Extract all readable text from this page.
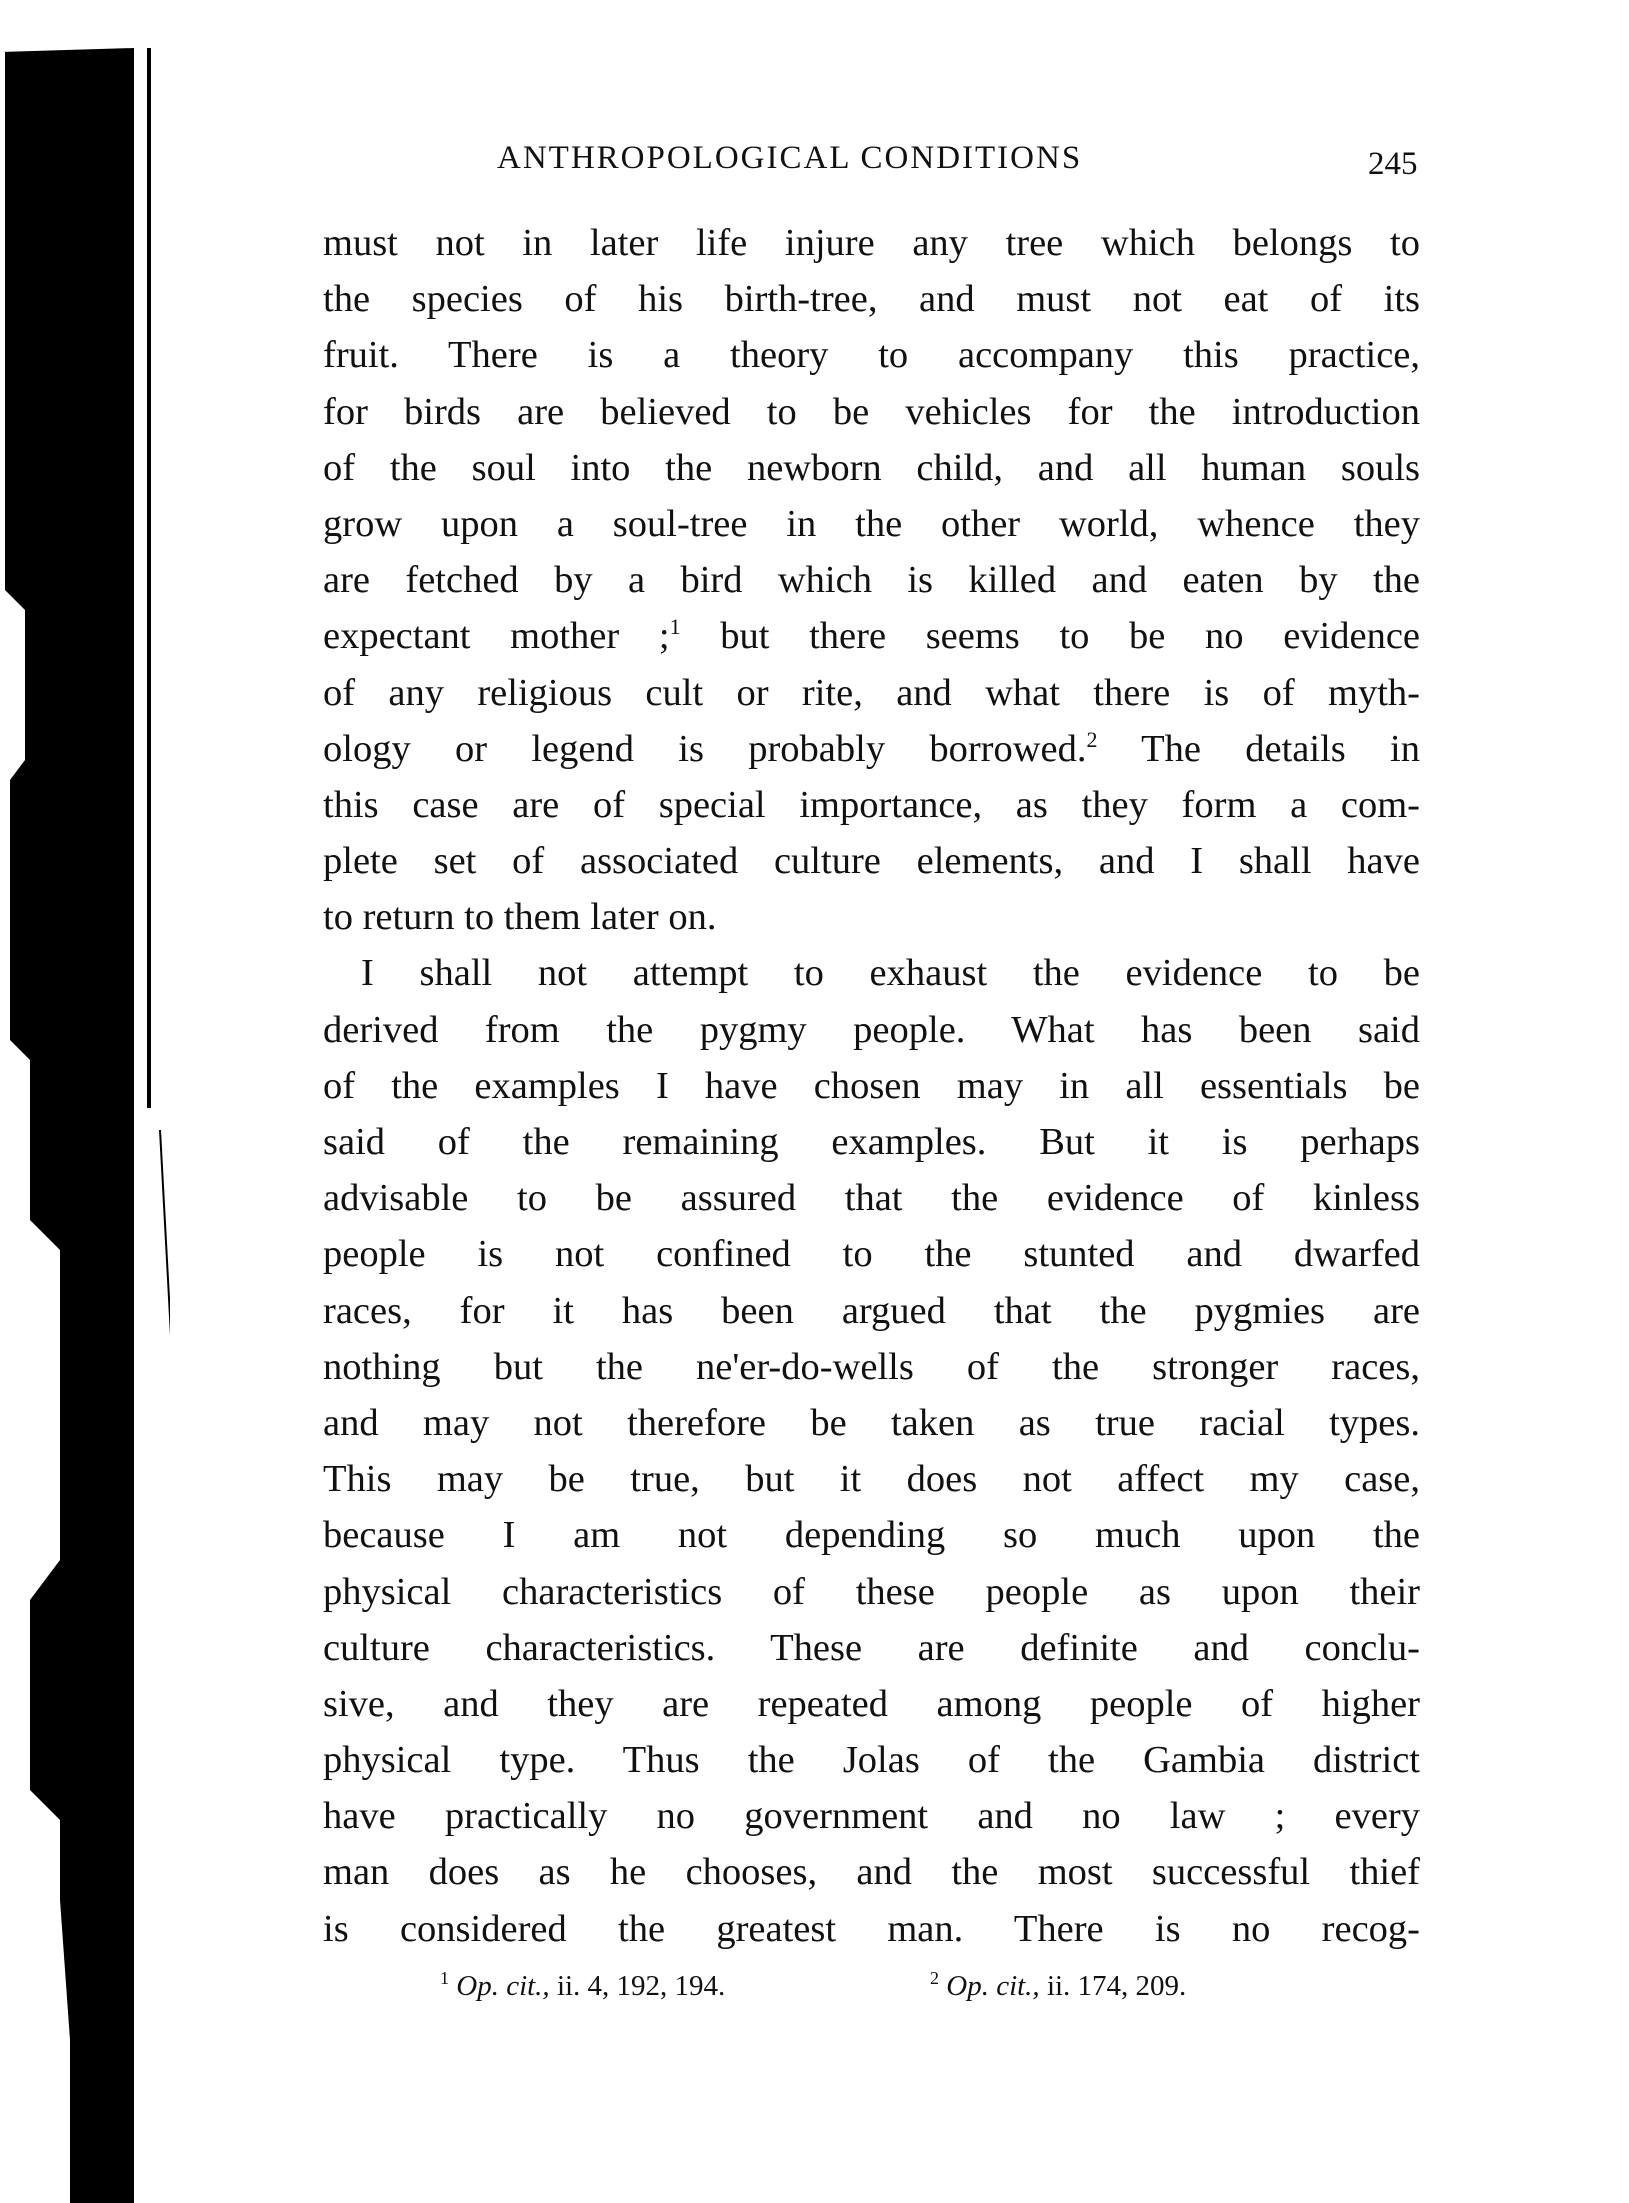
ANTHROPOLOGICAL CONDITIONS	245
must not in later life injure any tree which belongs to
the species of his birth-tree, and must not eat of its
fruit. There is a theory to accompany this practice,
for birds are believed to be vehicles for the introduction
of the soul into the newborn child, and all human souls
grow upon a soul-tree in the other world, whence they
are fetched by a bird which is killed and eaten by the
expectant mother ;$^1$ but there seems to be no evidence
of any religious cult or rite, and what there is of myth-
ology or legend is probably borrowed.$^2$ The details in
this case are of special importance, as they form a com-
plete set of associated culture elements, and I shall have
to return to them later on.
I shall not attempt to exhaust the evidence to be
derived from the pygmy people. What has been said
of the examples I have chosen may in all essentials be
said of the remaining examples. But it is perhaps
advisable to be assured that the evidence of kinless
people is not confined to the stunted and dwarfed
races, for it has been argued that the pygmies are
nothing but the ne'er-do-wells of the stronger races,
and may not therefore be taken as true racial types.
This may be true, but it does not affect my case,
because I am not depending so much upon the
physical characteristics of these people as upon their
culture characteristics. These are definite and conclu-
sive, and they are repeated among people of higher
physical type. Thus the Jolas of the Gambia district
have practically no government and no law ; every
man does as he chooses, and the most successful thief
is considered the greatest man. There is no recog-
$^1$ Op. cit., ii. 4, 192, 194.	$^2$ Op. cit., ii. 174, 209.
